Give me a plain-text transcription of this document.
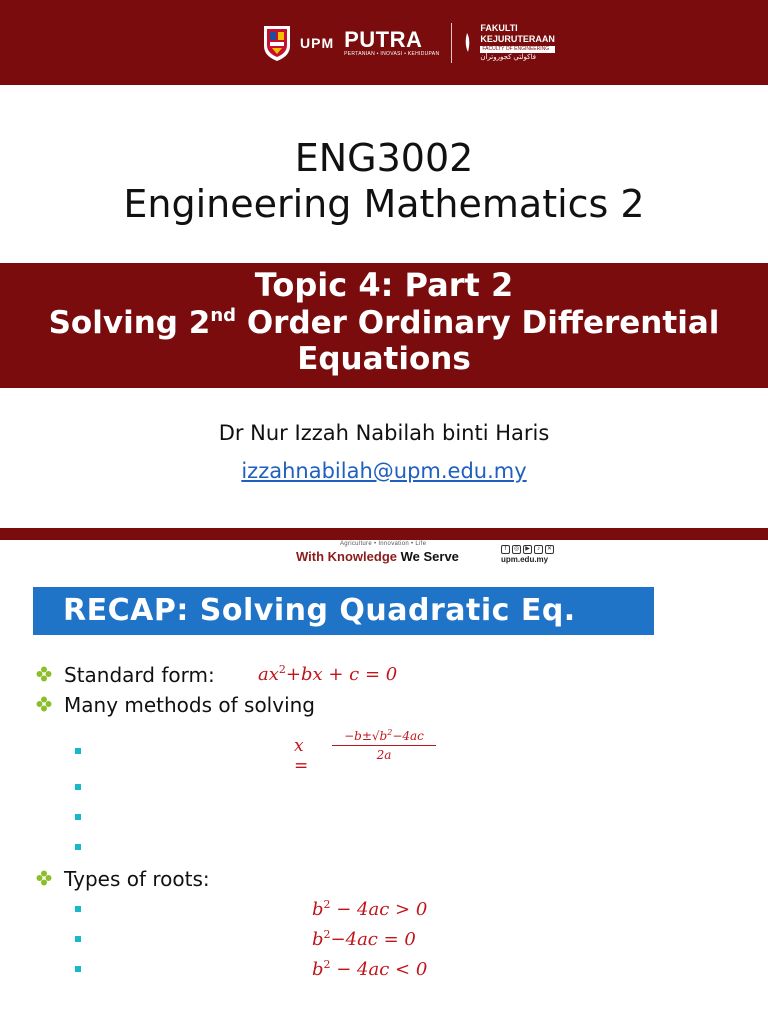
UPM PUTRA
PERTANIAN • INOVASI • KEHIDUPAN
FAKULTI
KEJURUTERAAN
FACULTY OF ENGINEERING
فاکولتي کجوروترأن
ENG3002
Engineering Mathematics 2
Topic 4: Part 2
Solving 2nd Order Ordinary Differential
Equations
Dr Nur Izzah Nabilah binti Haris
izzahnabilah@upm.edu.my
Agriculture • Innovation • Life
With Knowledge We Serve	f	◎	▶	♪	✕
upm.edu.my
RECAP: Solving Quadratic Eq.
Standard form: $ax^2+bx + c = 0$
Many methods of solving
x =
$-b\pm√b^2-4ac$
2a
Types of roots:
$b^2 - 4ac > 0$
$b^2-4ac = 0$
$b^2 - 4ac < 0$
